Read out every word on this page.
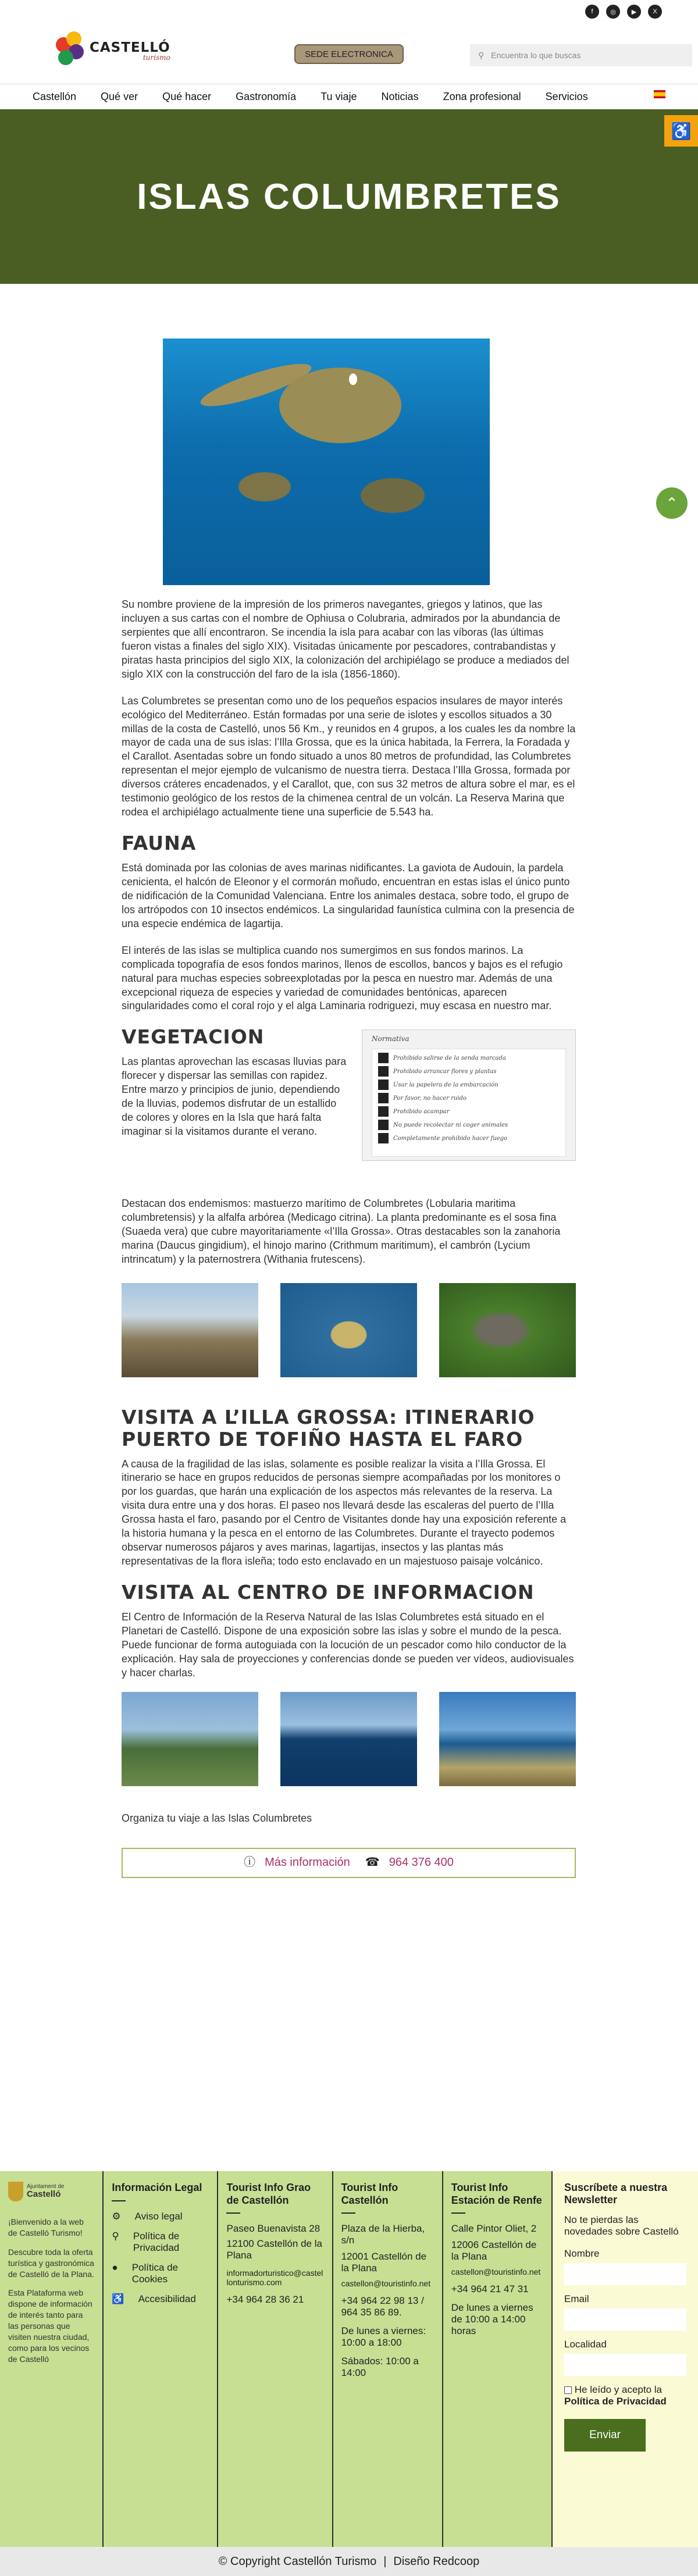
f	◎	▶	X
CASTELLÓ
turismo	SEDE ELECTRONICA	⚲ Encuentra lo que buscas
Castellón Qué ver Qué hacer Gastronomía Tu viaje Noticias Zona profesional Servicios
♿
ISLAS COLUMBRETES
⌃

Su nombre proviene de la impresión de los primeros navegantes, griegos y latinos, que las incluyen a sus cartas con el nombre de Ophiusa o Colubraria, admirados por la abundancia de serpientes que allí encontraron. Se incendia la isla para acabar con las víboras (las últimas fueron vistas a finales del siglo XIX). Visitadas únicamente por pescadores, contrabandistas y piratas hasta principios del siglo XIX, la colonización del archipiélago se produce a mediados del siglo XIX con la construcción del faro de la isla (1856-1860).

Las Columbretes se presentan como uno de los pequeños espacios insulares de mayor interés ecológico del Mediterráneo. Están formadas por una serie de islotes y escollos situados a 30 millas de la costa de Castelló, unos 56 Km., y reunidos en 4 grupos, a los cuales les da nombre la mayor de cada una de sus islas: l’Illa Grossa, que es la única habitada, la Ferrera, la Foradada y el Carallot. Asentadas sobre un fondo situado a unos 80 metros de profundidad, las Columbretes representan el mejor ejemplo de vulcanismo de nuestra tierra. Destaca l’Illa Grossa, formada por diversos cráteres encadenados, y el Carallot, que, con sus 32 metros de altura sobre el mar, es el testimonio geológico de los restos de la chimenea central de un volcán. La Reserva Marina que rodea el archipiélago actualmente tiene una superficie de 5.543 ha.

FAUNA

Está dominada por las colonias de aves marinas nidificantes. La gaviota de Audouin, la pardela cenicienta, el halcón de Eleonor y el cormorán moñudo, encuentran en estas islas el único punto de nidificación de la Comunidad Valenciana. Entre los animales destaca, sobre todo, el grupo de los artrópodos con 10 insectos endémicos. La singularidad faunística culmina con la presencia de una especie endémica de lagartija.

El interés de las islas se multiplica cuando nos sumergimos en sus fondos marinos. La complicada topografía de esos fondos marinos, llenos de escollos, bancos y bajos es el refugio natural para muchas especies sobreexplotadas por la pesca en nuestro mar. Además de una excepcional riqueza de especies y variedad de comunidades bentónicas, aparecen singularidades como el coral rojo y el alga Laminaria rodriguezi, muy escasa en nuestro mar.

Normativa
Prohibido salirse de la senda marcada
Prohibido arrancar flores y plantas
Usar la papelera de la embarcación
Por favor, no hacer ruido
Prohibido acampar
No puede recolectar ni coger animales
Completamente prohibido hacer fuego
VEGETACION

Las plantas aprovechan las escasas lluvias para florecer y dispersar las semillas con rapidez. Entre marzo y principios de junio, dependiendo de la lluvias, podemos disfrutar de un estallido de colores y olores en la Isla que hará falta imaginar si la visitamos durante el verano.

Destacan dos endemismos: mastuerzo marítimo de Columbretes (Lobularia maritima columbretensis) y la alfalfa arbórea (Medicago citrina). La planta predominante es el sosa fina (Suaeda vera) que cubre mayoritariamente «l’Illa Grossa». Otras destacables son la zanahoria marina (Daucus gingidium), el hinojo marino (Crithmum maritimum), el cambrón (Lycium intrincatum) y la paternostrera (Withania frutescens).

VISITA A L’ILLA GROSSA: ITINERARIO PUERTO DE TOFIÑO HASTA EL FARO

A causa de la fragilidad de las islas, solamente es posible realizar la visita a l’Illa Grossa. El itinerario se hace en grupos reducidos de personas siempre acompañadas por los monitores o por los guardas, que harán una explicación de los aspectos más relevantes de la reserva. La visita dura entre una y dos horas. El paseo nos llevará desde las escaleras del puerto de l’Illa Grossa hasta el faro, pasando por el Centro de Visitantes donde hay una exposición referente a la historia humana y la pesca en el entorno de las Columbretes. Durante el trayecto podemos observar numerosos pájaros y aves marinas, lagartijas, insectos y las plantas más representativas de la flora isleña; todo esto enclavado en un majestuoso paisaje volcánico.

VISITA AL CENTRO DE INFORMACION

El Centro de Información de la Reserva Natural de las Islas Columbretes está situado en el Planetari de Castelló. Dispone de una exposición sobre las islas y sobre el mundo de la pesca. Puede funcionar de forma autoguiada con la locución de un pescador como hilo conductor de la explicación. Hay sala de proyecciones y conferencias donde se pueden ver vídeos, audiovisuales y hacer charlas.

Organiza tu viaje a las Islas Columbretes

ⓘ Más información ☎ 964 376 400
Ajuntament de
Castelló

¡Bienvenido a la web de Castelló Turismo!

Descubre toda la oferta turística y gastronómica de Castelló de la Plana.

Esta Plataforma web dispone de información de interés tanto para las personas que visiten nuestra ciudad, como para los vecinos de Castelló

Información Legal
⚙ Aviso legal
⚲ Política de Privacidad
● Política de Cookies
♿ Accesibilidad
Tourist Info Grao de Castellón

Paseo Buenavista 28

12100 Castellón de la Plana

informadorturistico@castellonturismo.com

+34 964 28 36 21

Tourist Info Castellón

Plaza de la Hierba, s/n

12001 Castellón de la Plana

castellon@touristinfo.net

+34 964 22 98 13 / 964 35 86 89.

De lunes a viernes: 10:00 a 18:00

Sábados: 10:00 a 14:00

Tourist Info Estación de Renfe

Calle Pintor Oliet, 2

12006 Castellón de la Plana

castellon@touristinfo.net

+34 964 21 47 31

De lunes a viernes de 10:00 a 14:00 horas

Suscríbete a nuestra Newsletter

No te pierdas las novedades sobre Castelló

Nombre
Email
Localidad
He leído y acepto la Política de Privacidad
Enviar
© Copyright Castellón Turismo | Diseño Redcoop
